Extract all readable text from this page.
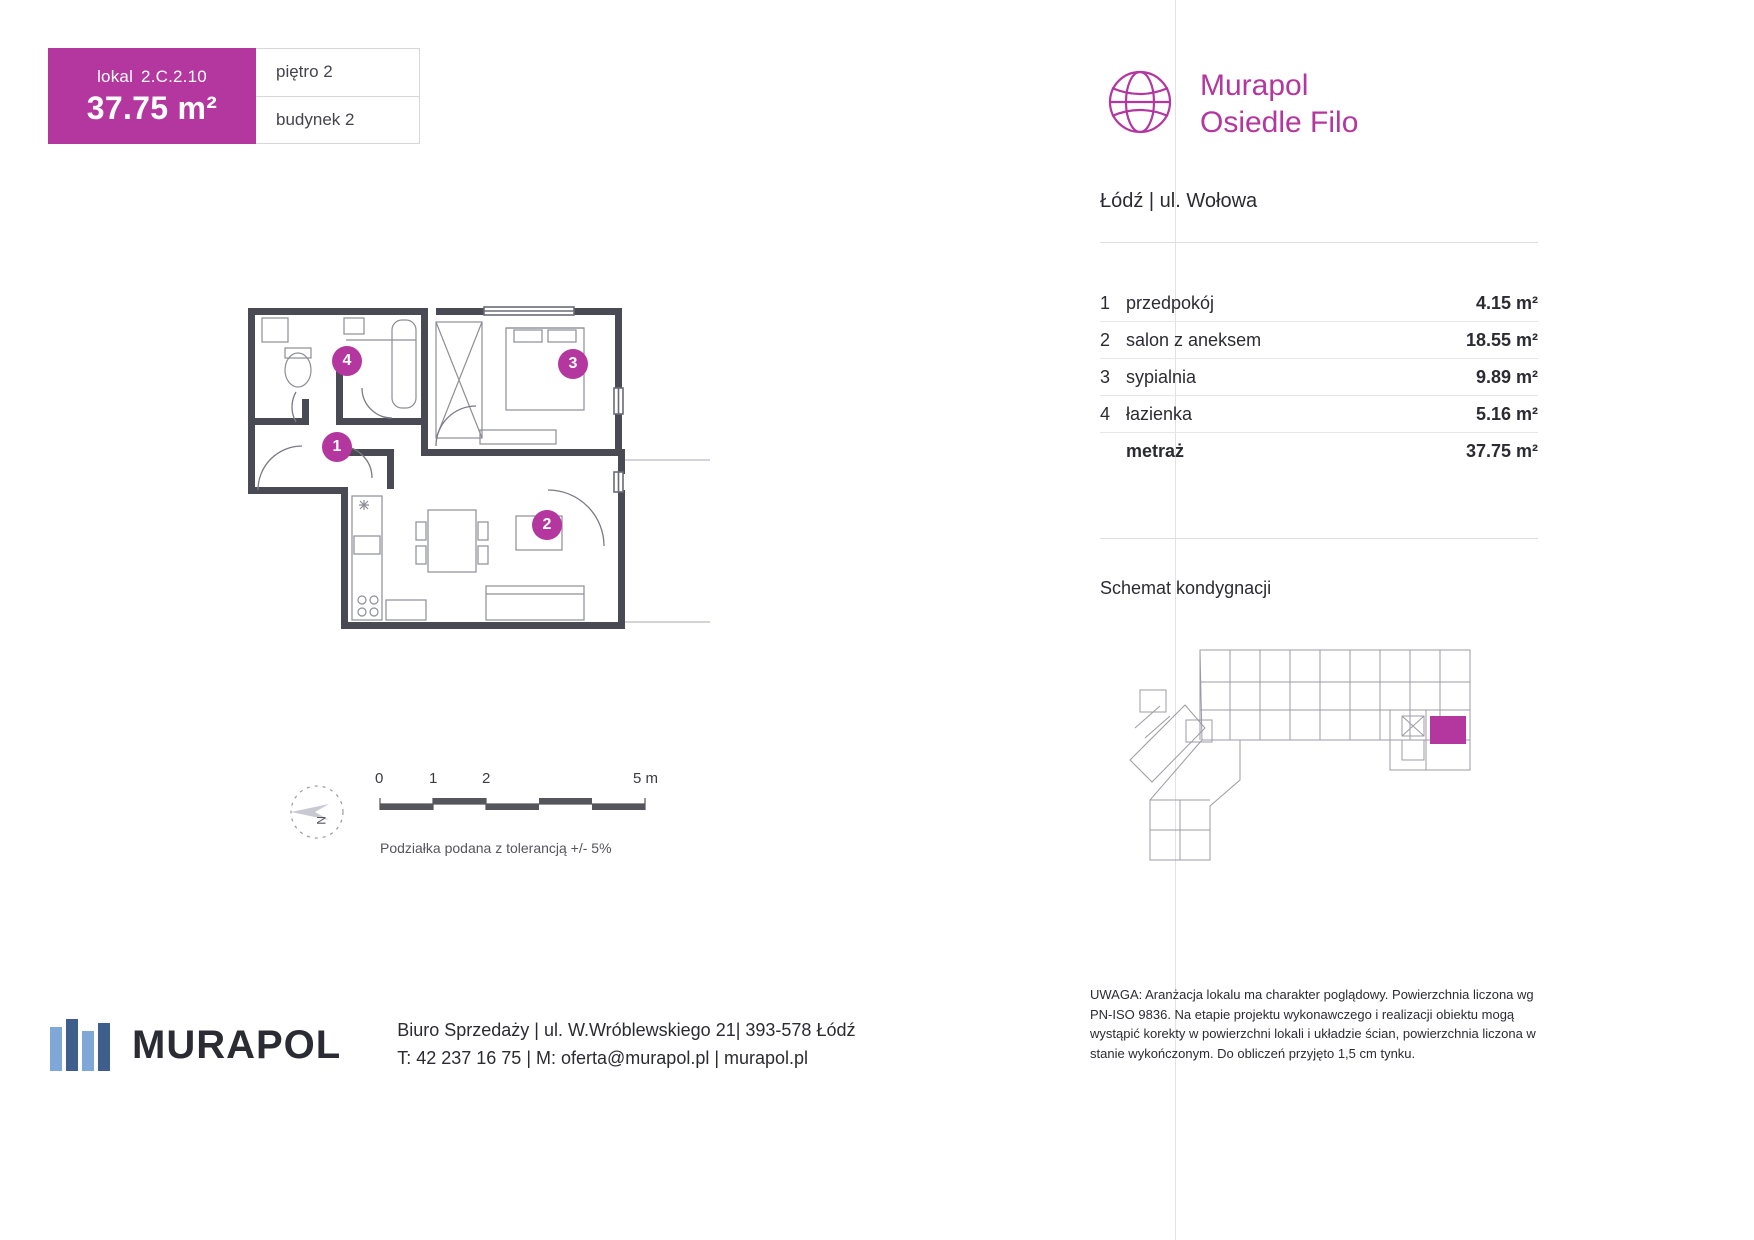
lokal 2.C.2.10
37.75 m²
piętro 2
budynek 2
1
2
3
4
N
0	1	2	5 m
Podziałka podana z tolerancją +/- 5%
MURAPOL	Biuro Sprzedaży | ul. W.Wróblewskiego 21| 393-578 Łódź
T: 42 237 16 75 | M: oferta@murapol.pl | murapol.pl
Murapol
Osiedle Filo
Łódź | ul. Wołowa
1 przedpokój	4.15 m²
2 salon z aneksem	18.55 m²
3 sypialnia	9.89 m²
4 łazienka	5.16 m²
metraż	37.75 m²
Schemat kondygnacji
UWAGA: Aranżacja lokalu ma charakter poglądowy. Powierzchnia liczona wg PN-ISO 9836. Na etapie projektu wykonawczego i realizacji obiektu mogą wystąpić korekty w powierzchni lokali i układzie ścian, powierzchnia liczona w stanie wykończonym. Do obliczeń przyjęto 1,5 cm tynku.
